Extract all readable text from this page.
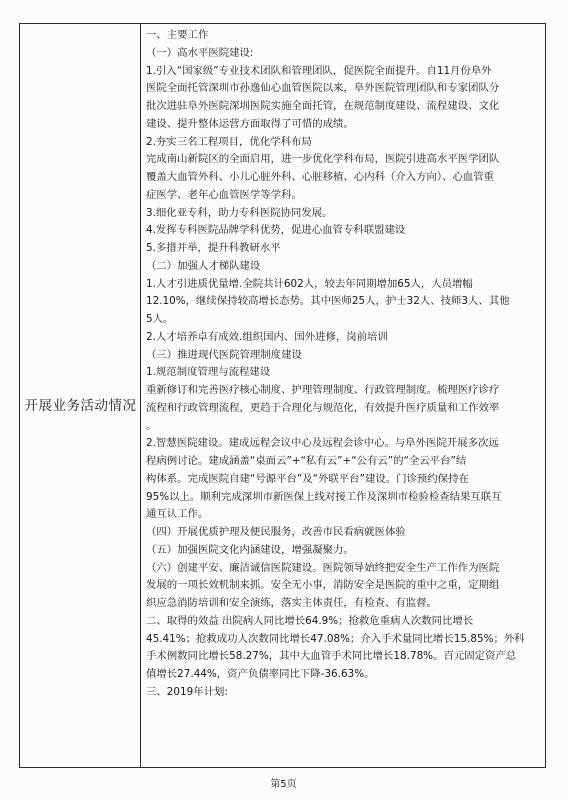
开展业务活动情况

一、主要工作

（一）高水平医院建设:

1.引入“国家级”专业技术团队和管理团队，促医院全面提升。自11月份阜外

医院全面托管深圳市孙逸仙心血管医院以来，阜外医院管理团队和专家团队分

批次进驻阜外医院深圳医院实施全面托管，在规范制度建设、流程建设、文化

建设、提升整体运营方面取得了可惜的成绩。

2.夯实三名工程项目，优化学科布局

完成南山新院区的全面启用，进一步优化学科布局，医院引进高水平医学团队

覆盖大血管外科、小儿心脏外科、心脏移植、心内科（介入方向）、心血管重

症医学、老年心血管医学等学科。

3.细化亚专科，助力专科医院协同发展。

4.发挥专科医院品牌学科优势，促进心血管专科联盟建设

5.多措并举，提升科教研水平

（二）加强人才梯队建设

1.人才引进质优量增.全院共计602人，较去年同期增加65人，人员增幅

12.10%，继续保持较高增长态势。其中医师25人，护士32人、技师3人、其他

5人。

2.人才培养卓有成效.组织国内、国外进修，岗前培训

（三）推进现代医院管理制度建设

1.规范制度管理与流程建设

重新修订和完善医疗核心制度、护理管理制度、行政管理制度。梳理医疗诊疗

流程和行政管理流程，更趋于合理化与规范化，有效提升医疗质量和工作效率

。

2.智慧医院建设。建成远程会议中心及远程会诊中心。与阜外医院开展多次远

程病例讨论。建成涵盖“桌面云”+“私有云”+“公有云”的“全云平台”结

构体系。完成医院自建“号源平台”及“外联平台”建设。门诊预约保持在

95%以上。顺利完成深圳市新医保上线对接工作及深圳市检验检查结果互联互

通互认工作。

（四）开展优质护理及便民服务，改善市民看病就医体验

（五）加强医院文化内涵建设，增强凝聚力。

（六）创建平安、廉洁诚信医院建设。医院领导始终把安全生产工作作为医院

发展的一项长效机制来抓。安全无小事，消防安全是医院的重中之重，定期组

织应急消防培训和安全演练，落实主体责任，有检查、有监督。

二、取得的效益 出院病人同比增长64.9%；抢救危重病人次数同比增长

45.41%；抢救成功人次数同比增长47.08%；介入手术量同比增长15.85%；外科

手术例数同比增长58.27%，其中大血管手术同比增长18.78%。百元固定资产总

值增长27.44%，资产负债率同比下降-36.63%。

三、2019年计划:

第5页
